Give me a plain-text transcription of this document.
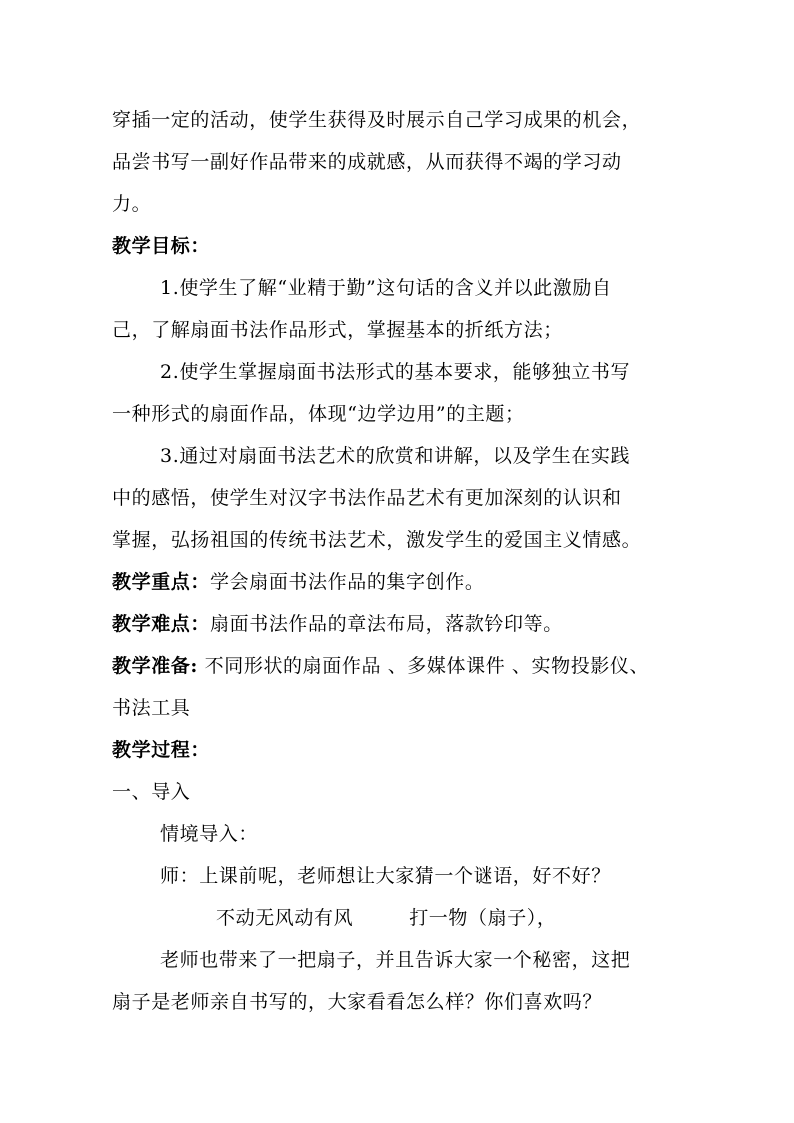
穿插一定的活动，使学生获得及时展示自己学习成果的机会，
品尝书写一副好作品带来的成就感，从而获得不竭的学习动
力。
教学目标：
1.使学生了解“业精于勤”这句话的含义并以此激励自
己，了解扇面书法作品形式，掌握基本的折纸方法；
2.使学生掌握扇面书法形式的基本要求，能够独立书写
一种形式的扇面作品，体现“边学边用”的主题；
3.通过对扇面书法艺术的欣赏和讲解，以及学生在实践
中的感悟，使学生对汉字书法作品艺术有更加深刻的认识和
掌握，弘扬祖国的传统书法艺术，激发学生的爱国主义情感。
教学重点：学会扇面书法作品的集字创作。
教学难点：扇面书法作品的章法布局，落款钤印等。
教学准备: 不同形状的扇面作品 、多媒体课件 、实物投影仪、
书法工具
教学过程：
一、导入
情境导入：
师：上课前呢，老师想让大家猜一个谜语，好不好？
不动无风动有风	打一物（扇子），
老师也带来了一把扇子，并且告诉大家一个秘密，这把
扇子是老师亲自书写的，大家看看怎么样？你们喜欢吗？
